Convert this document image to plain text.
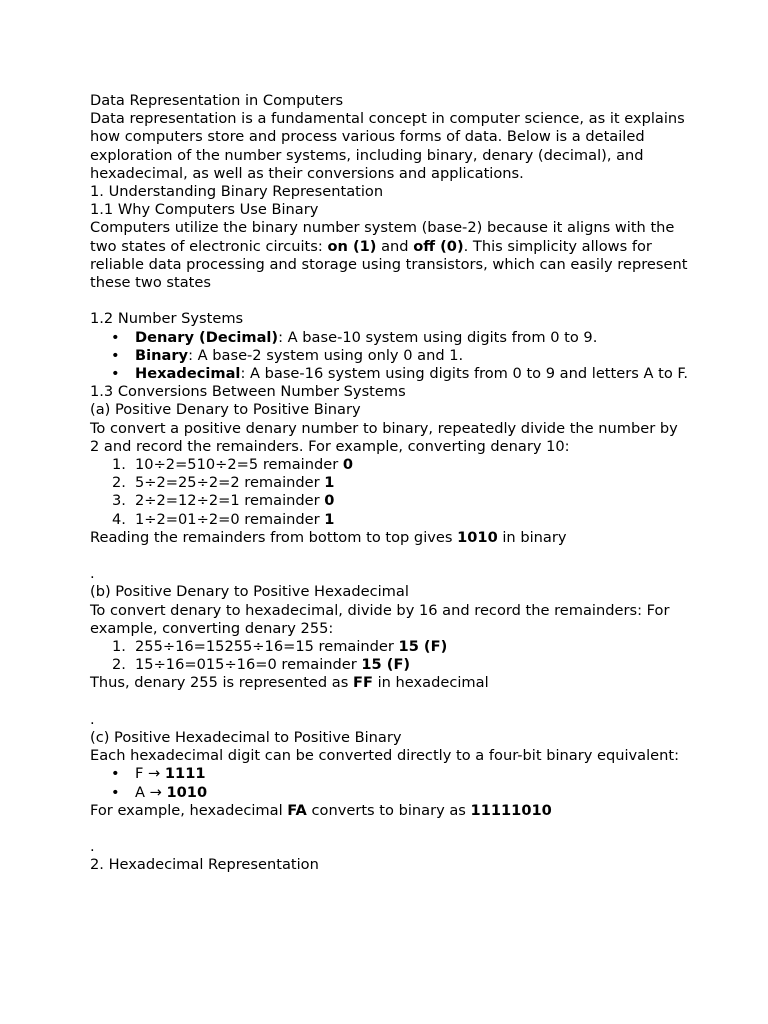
Data Representation in Computers
Data representation is a fundamental concept in computer science, as it explains how computers store and process various forms of data. Below is a detailed exploration of the number systems, including binary, denary (decimal), and hexadecimal, as well as their conversions and applications.
1. Understanding Binary Representation
1.1 Why Computers Use Binary
Computers utilize the binary number system (base-2) because it aligns with the two states of electronic circuits: on (1) and off (0). This simplicity allows for reliable data processing and storage using transistors, which can easily represent these two states
1.2 Number Systems
• Denary (Decimal): A base-10 system using digits from 0 to 9.
• Binary: A base-2 system using only 0 and 1.
• Hexadecimal: A base-16 system using digits from 0 to 9 and letters A to F.
1.3 Conversions Between Number Systems
(a) Positive Denary to Positive Binary
To convert a positive denary number to binary, repeatedly divide the number by 2 and record the remainders. For example, converting denary 10:
1. 10÷2=510÷2=5 remainder 0
2. 5÷2=25÷2=2 remainder 1
3. 2÷2=12÷2=1 remainder 0
4. 1÷2=01÷2=0 remainder 1
Reading the remainders from bottom to top gives 1010 in binary
.
(b) Positive Denary to Positive Hexadecimal
To convert denary to hexadecimal, divide by 16 and record the remainders: For example, converting denary 255:
1. 255÷16=15255÷16=15 remainder 15 (F)
2. 15÷16=015÷16=0 remainder 15 (F)
Thus, denary 255 is represented as FF in hexadecimal
.
(c) Positive Hexadecimal to Positive Binary
Each hexadecimal digit can be converted directly to a four-bit binary equivalent:
• F → 1111
• A → 1010
For example, hexadecimal FA converts to binary as 11111010
.
2. Hexadecimal Representation
